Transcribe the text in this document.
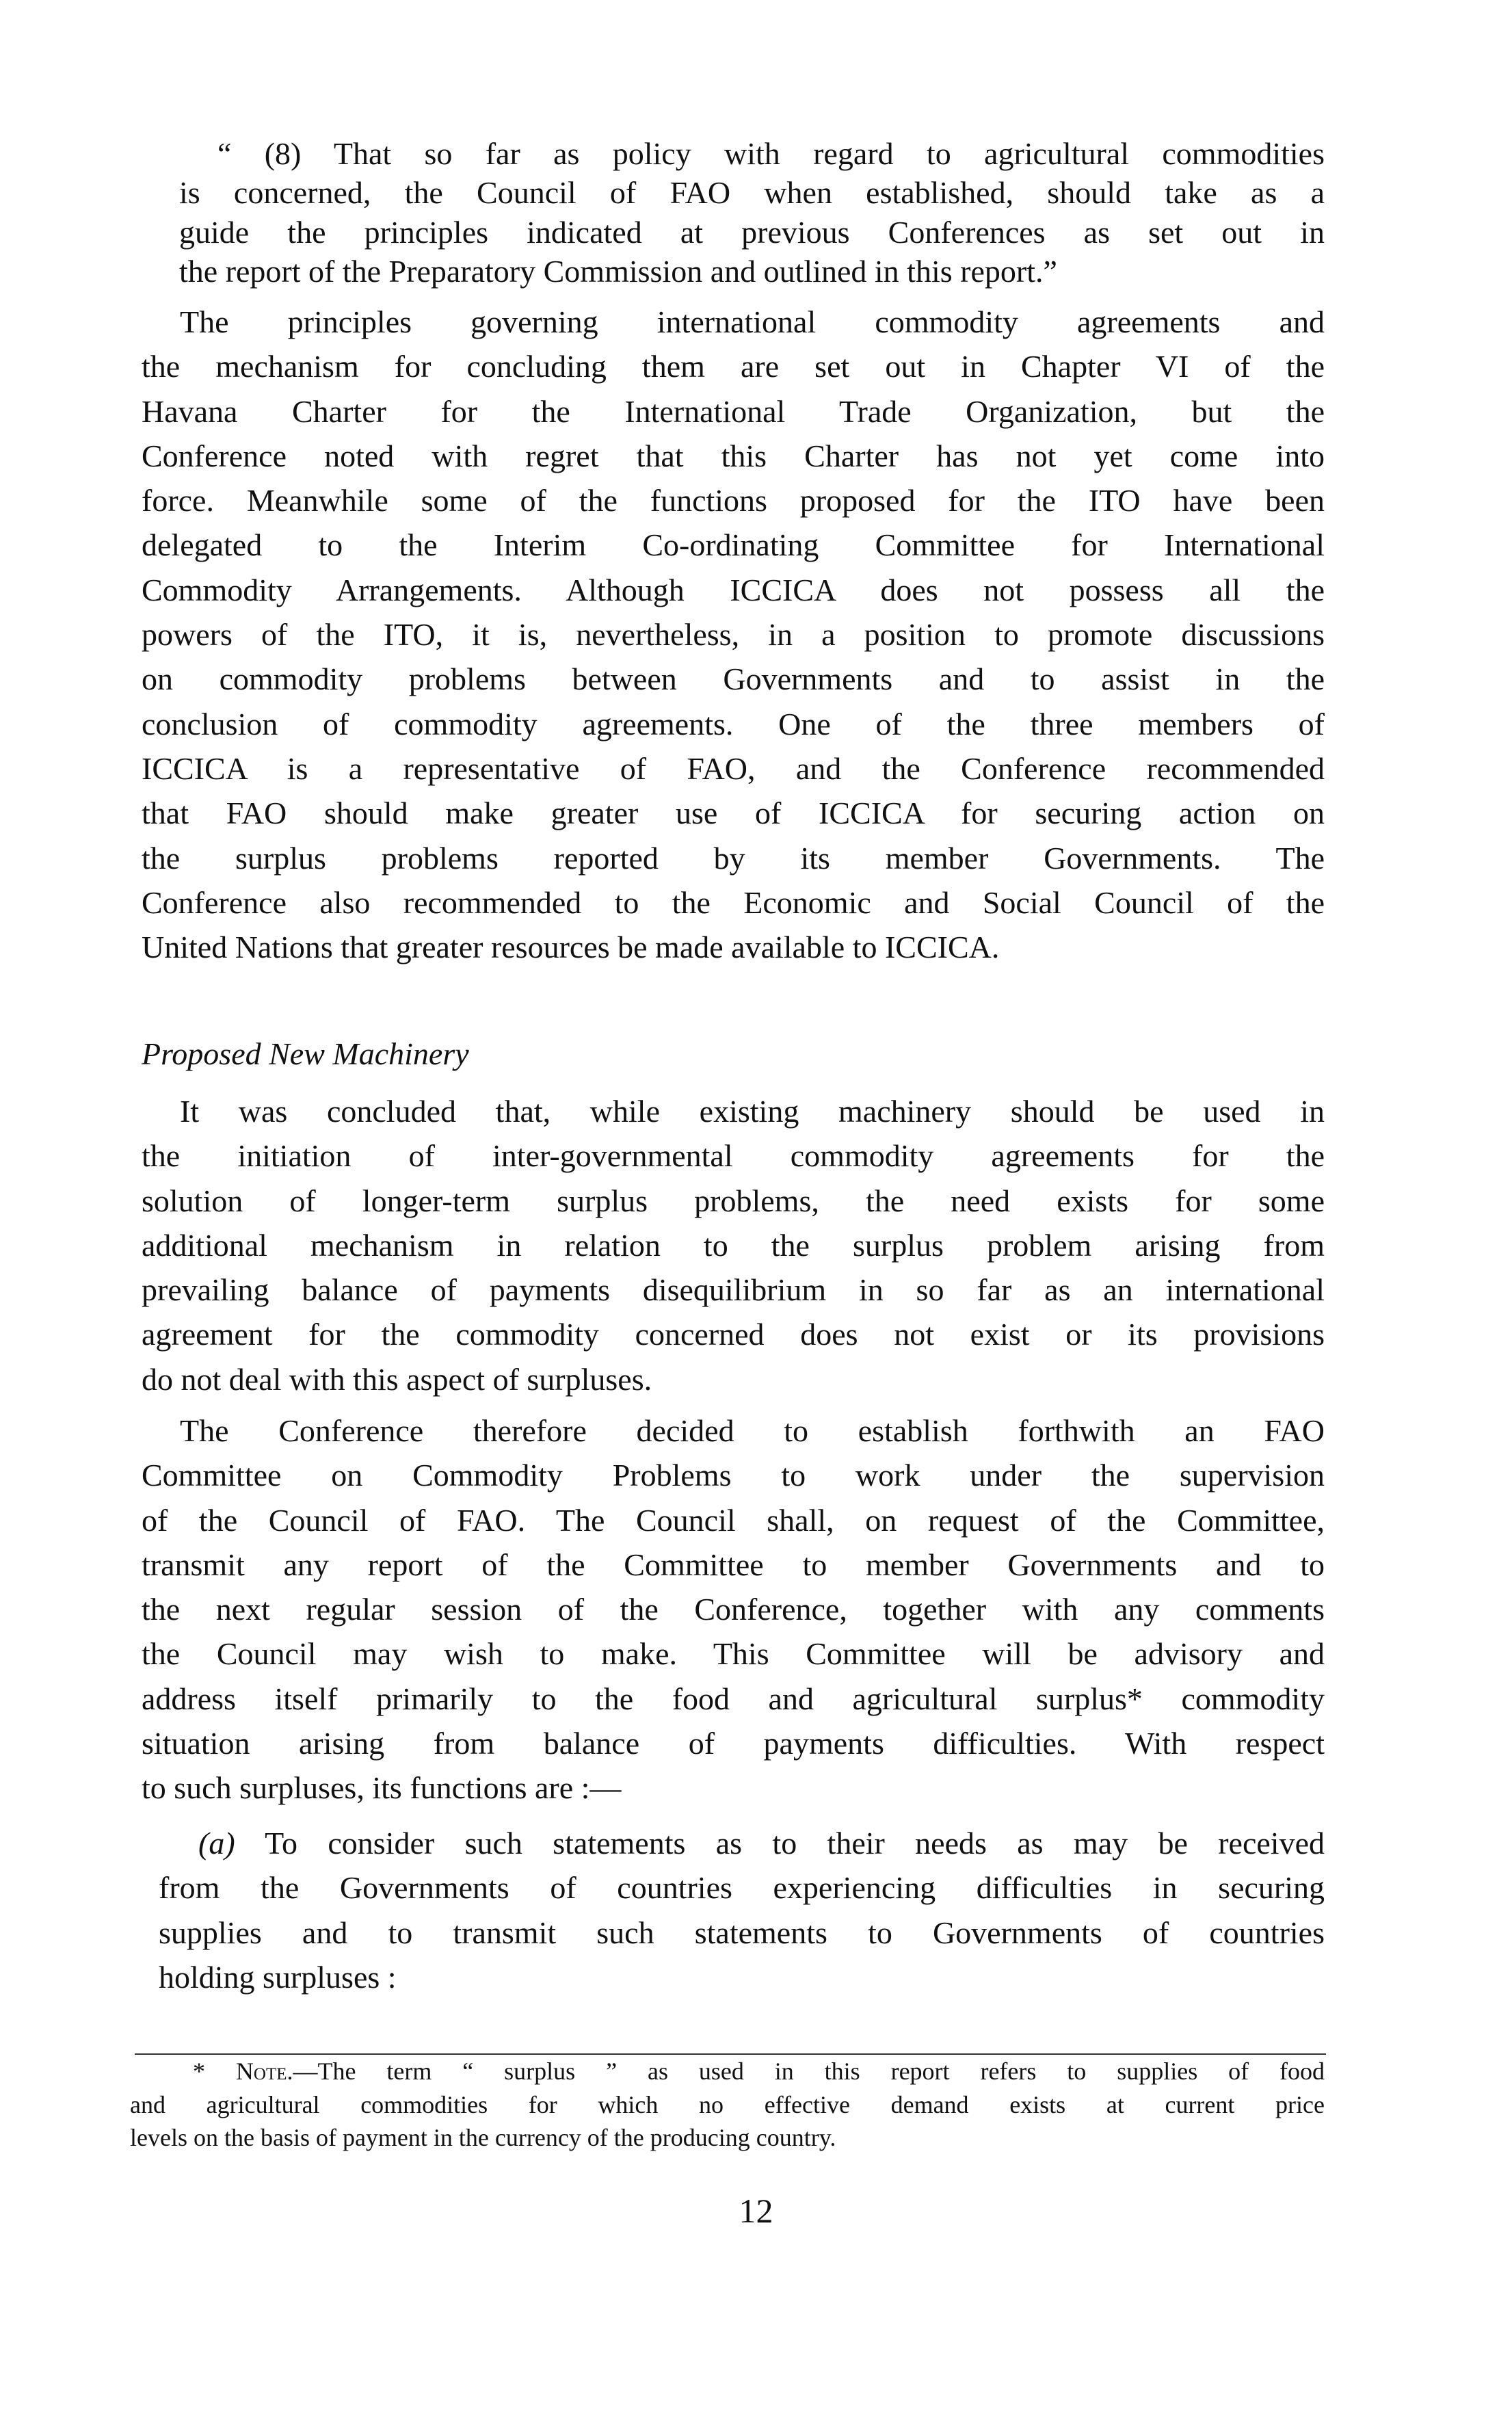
“ (8) That so far as policy with regard to agricultural commodities
is concerned, the Council of FAO when established, should take as a
guide the principles indicated at previous Conferences as set out in
the report of the Preparatory Commission and outlined in this report.”
The principles governing international commodity agreements and
the mechanism for concluding them are set out in Chapter VI of the
Havana Charter for the International Trade Organization, but the
Conference noted with regret that this Charter has not yet come into
force. Meanwhile some of the functions proposed for the ITO have been
delegated to the Interim Co-ordinating Committee for International
Commodity Arrangements. Although ICCICA does not possess all the
powers of the ITO, it is, nevertheless, in a position to promote discussions
on commodity problems between Governments and to assist in the
conclusion of commodity agreements. One of the three members of
ICCICA is a representative of FAO, and the Conference recommended
that FAO should make greater use of ICCICA for securing action on
the surplus problems reported by its member Governments. The
Conference also recommended to the Economic and Social Council of the
United Nations that greater resources be made available to ICCICA.
Proposed New Machinery
It was concluded that, while existing machinery should be used in
the initiation of inter-governmental commodity agreements for the
solution of longer-term surplus problems, the need exists for some
additional mechanism in relation to the surplus problem arising from
prevailing balance of payments disequilibrium in so far as an international
agreement for the commodity concerned does not exist or its provisions
do not deal with this aspect of surpluses.
The Conference therefore decided to establish forthwith an FAO
Committee on Commodity Problems to work under the supervision
of the Council of FAO. The Council shall, on request of the Committee,
transmit any report of the Committee to member Governments and to
the next regular session of the Conference, together with any comments
the Council may wish to make. This Committee will be advisory and
address itself primarily to the food and agricultural surplus* commodity
situation arising from balance of payments difficulties. With respect
to such surpluses, its functions are :—
(a) To consider such statements as to their needs as may be received
from the Governments of countries experiencing difficulties in securing
supplies and to transmit such statements to Governments of countries
holding surpluses :
* Note.—The term “ surplus ” as used in this report refers to supplies of food
and agricultural commodities for which no effective demand exists at current price
levels on the basis of payment in the currency of the producing country.
12
